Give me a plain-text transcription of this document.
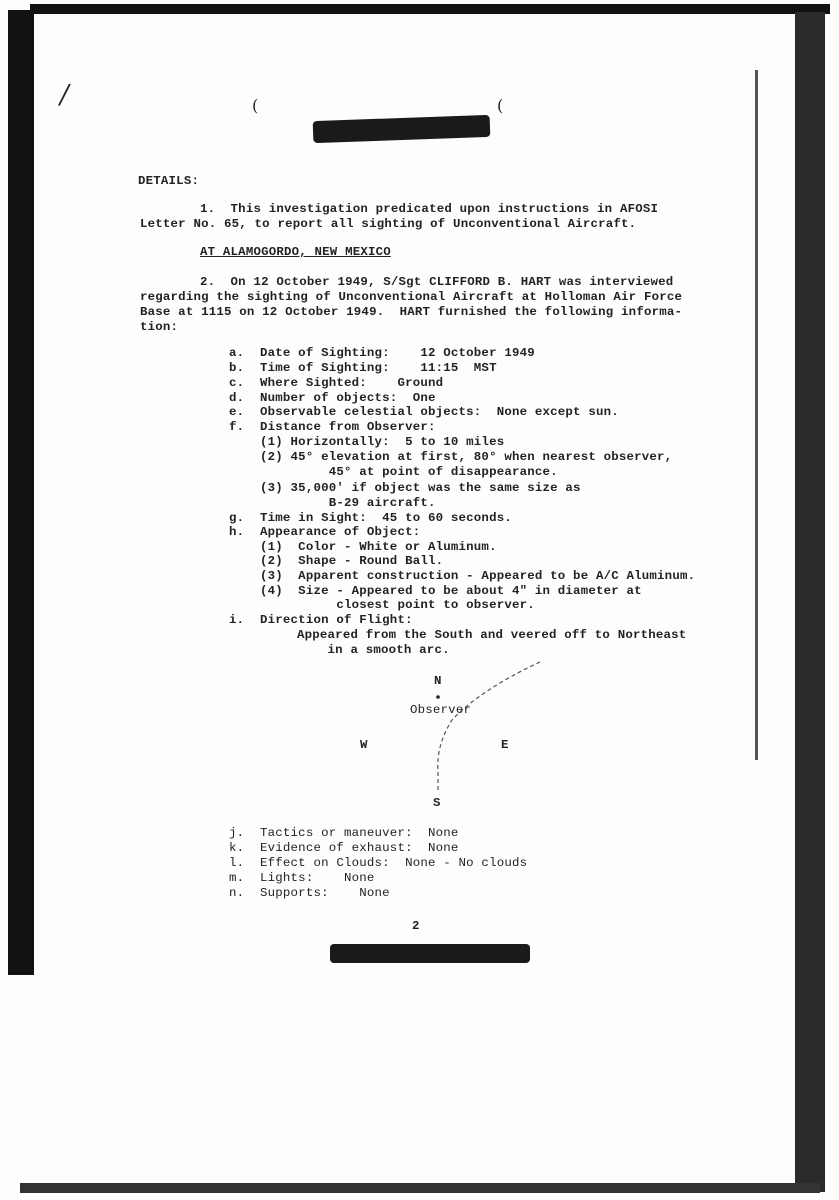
/	(	(
DETAILS:
1.  This investigation predicated upon instructions in AFOSI
Letter No. 65, to report all sighting of Unconventional Aircraft.
AT ALAMOGORDO, NEW MEXICO
2.  On 12 October 1949, S/Sgt CLIFFORD B. HART was interviewed
regarding the sighting of Unconventional Aircraft at Holloman Air Force
Base at 1115 on 12 October 1949.  HART furnished the following informa-
tion:
a. Date of Sighting:    12 October 1949
b. Time of Sighting:    11:15  MST
c. Where Sighted:    Ground
d. Number of objects:  One
e. Observable celestial objects:  None except sun.
f. Distance from Observer:
(1) Horizontally:  5 to 10 miles
(2) 45° elevation at first, 80° when nearest observer,
45° at point of disappearance.
(3) 35,000' if object was the same size as
B-29 aircraft.
g. Time in Sight:  45 to 60 seconds.
h. Appearance of Object:
(1)  Color - White or Aluminum.
(2)  Shape - Round Ball.
(3)  Apparent construction - Appeared to be A/C Aluminum.
(4)  Size - Appeared to be about 4" in diameter at
closest point to observer.
i. Direction of Flight:
Appeared from the South and veered off to Northeast
in a smooth arc.
N
Observer
W	E
S
j. Tactics or maneuver:  None
k. Evidence of exhaust:  None
l. Effect on Clouds:  None - No clouds
m. Lights:    None
n. Supports:    None
2
